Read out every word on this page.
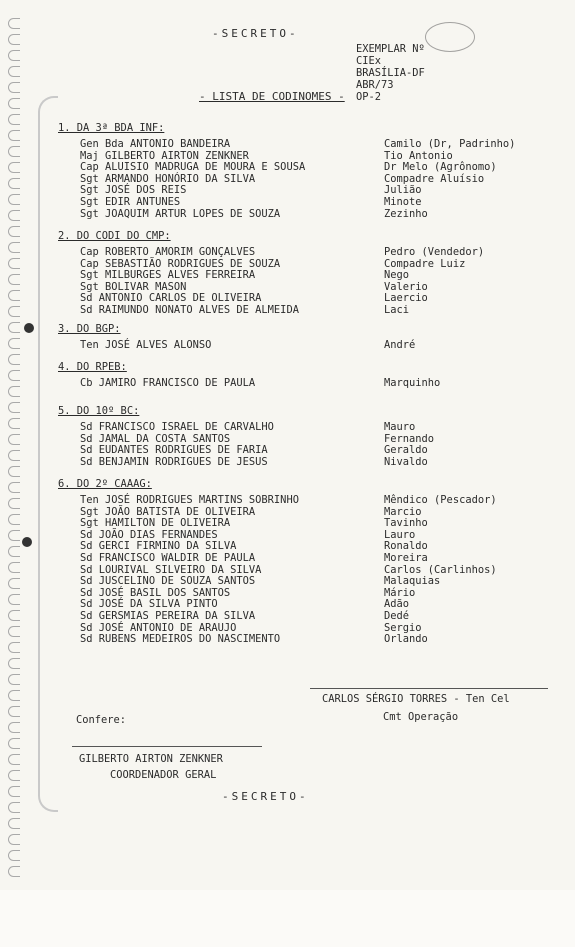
-SECRETO-
EXEMPLAR Nº
CIEx
BRASÍLIA-DF
ABR/73
OP-2
- LISTA DE CODINOMES -
1. DA 3ª BDA INF:
Gen Bda ANTONIO BANDEIRA	Camilo (Dr, Padrinho)
Maj GILBERTO AIRTON ZENKNER	Tio Antonio
Cap ALUISIO MADRUGA DE MOURA E SOUSA	Dr Melo (Agrônomo)
Sgt ARMANDO HONÓRIO DA SILVA	Compadre Aluísio
Sgt JOSÉ DOS REIS	Julião
Sgt EDIR ANTUNES	Minote
Sgt JOAQUIM ARTUR LOPES DE SOUZA	Zezinho
2. DO CODI DO CMP:
Cap ROBERTO AMORIM GONÇALVES	Pedro (Vendedor)
Cap SEBASTIÃO RODRIGUES DE SOUZA	Compadre Luiz
Sgt MILBURGES ALVES FERREIRA	Nego
Sgt BOLIVAR MASON	Valerio
Sd ANTONIO CARLOS DE OLIVEIRA	Laercio
Sd RAIMUNDO NONATO ALVES DE ALMEIDA	Laci
3. DO BGP:
Ten JOSÉ ALVES ALONSO	André
4. DO RPEB:
Cb JAMIRO FRANCISCO DE PAULA	Marquinho
5. DO 10º BC:
Sd FRANCISCO ISRAEL DE CARVALHO	Mauro
Sd JAMAL DA COSTA SANTOS	Fernando
Sd EUDANTES RODRIGUES DE FARIA	Geraldo
Sd BENJAMIN RODRIGUES DE JESUS	Nivaldo
6. DO 2º CAAAG:
Ten JOSÉ RODRIGUES MARTINS SOBRINHO	Mêndico (Pescador)
Sgt JOÃO BATISTA DE OLIVEIRA	Marcio
Sgt HAMILTON DE OLIVEIRA	Tavinho
Sd JOÃO DIAS FERNANDES	Lauro
Sd GERCI FIRMINO DA SILVA	Ronaldo
Sd FRANCISCO WALDIR DE PAULA	Moreira
Sd LOURIVAL SILVEIRO DA SILVA	Carlos (Carlinhos)
Sd JUSCELINO DE SOUZA SANTOS	Malaquias
Sd JOSÉ BASIL DOS SANTOS	Mário
Sd JOSÉ DA SILVA PINTO	Adão
Sd GERSMIAS PEREIRA DA SILVA	Dedé
Sd JOSÉ ANTONIO DE ARAUJO	Sergio
Sd RUBENS MEDEIROS DO NASCIMENTO	Orlando
CARLOS SÉRGIO TORRES - Ten Cel
Cmt Operação
Confere:
GILBERTO AIRTON ZENKNER
COORDENADOR GERAL
-SECRETO-
